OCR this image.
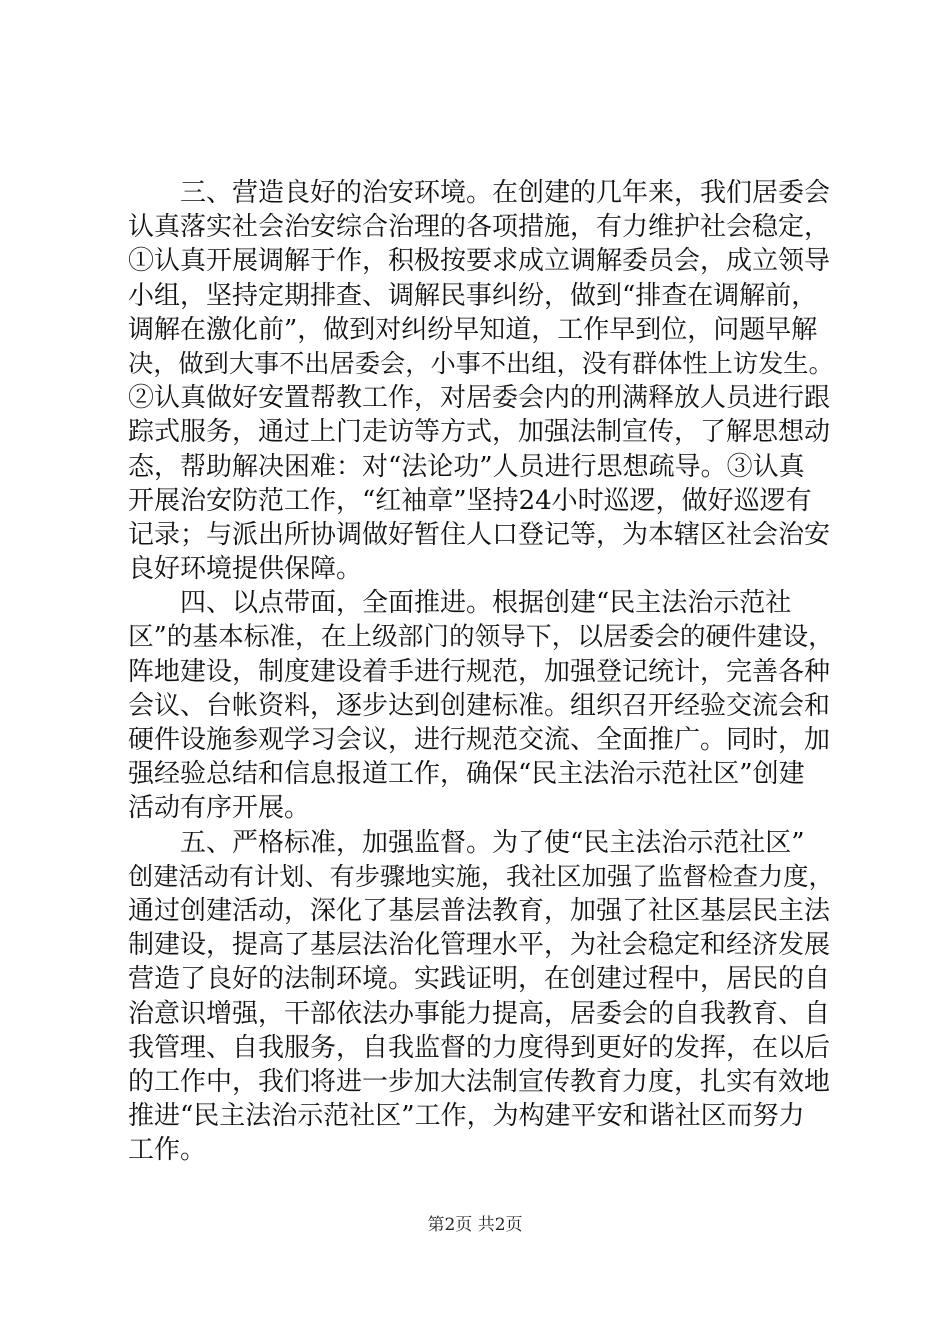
　　三、营造良好的治安环境。在创建的几年来，我们居委会
认真落实社会治安综合治理的各项措施，有力维护社会稳定，
①认真开展调解于作，积极按要求成立调解委员会，成立领导
小组，坚持定期排查、调解民事纠纷，做到“排查在调解前，
调解在激化前”，做到对纠纷早知道，工作早到位，问题早解
决，做到大事不出居委会，小事不出组，没有群体性上访发生。
②认真做好安置帮教工作，对居委会内的刑满释放人员进行跟
踪式服务，通过上门走访等方式，加强法制宣传，了解思想动
态，帮助解决困难：对“法论功”人员进行思想疏导。③认真
开展治安防范工作，“红袖章”坚持24小时巡逻，做好巡逻有
记录；与派出所协调做好暂住人口登记等，为本辖区社会治安
良好环境提供保障。
　　四、以点带面，全面推进。根据创建“民主法治示范社
区”的基本标准，在上级部门的领导下，以居委会的硬件建设，
阵地建设，制度建设着手进行规范，加强登记统计，完善各种
会议、台帐资料，逐步达到创建标准。组织召开经验交流会和
硬件设施参观学习会议，进行规范交流、全面推广。同时，加
强经验总结和信息报道工作，确保“民主法治示范社区”创建
活动有序开展。
　　五、严格标准，加强监督。为了使“民主法治示范社区”
创建活动有计划、有步骤地实施，我社区加强了监督检查力度，
通过创建活动，深化了基层普法教育，加强了社区基层民主法
制建设，提高了基层法治化管理水平，为社会稳定和经济发展
营造了良好的法制环境。实践证明，在创建过程中，居民的自
治意识增强，干部依法办事能力提高，居委会的自我教育、自
我管理、自我服务，自我监督的力度得到更好的发挥，在以后
的工作中，我们将进一步加大法制宣传教育力度，扎实有效地
推进“民主法治示范社区”工作，为构建平安和谐社区而努力
工作。
第2页 共2页
